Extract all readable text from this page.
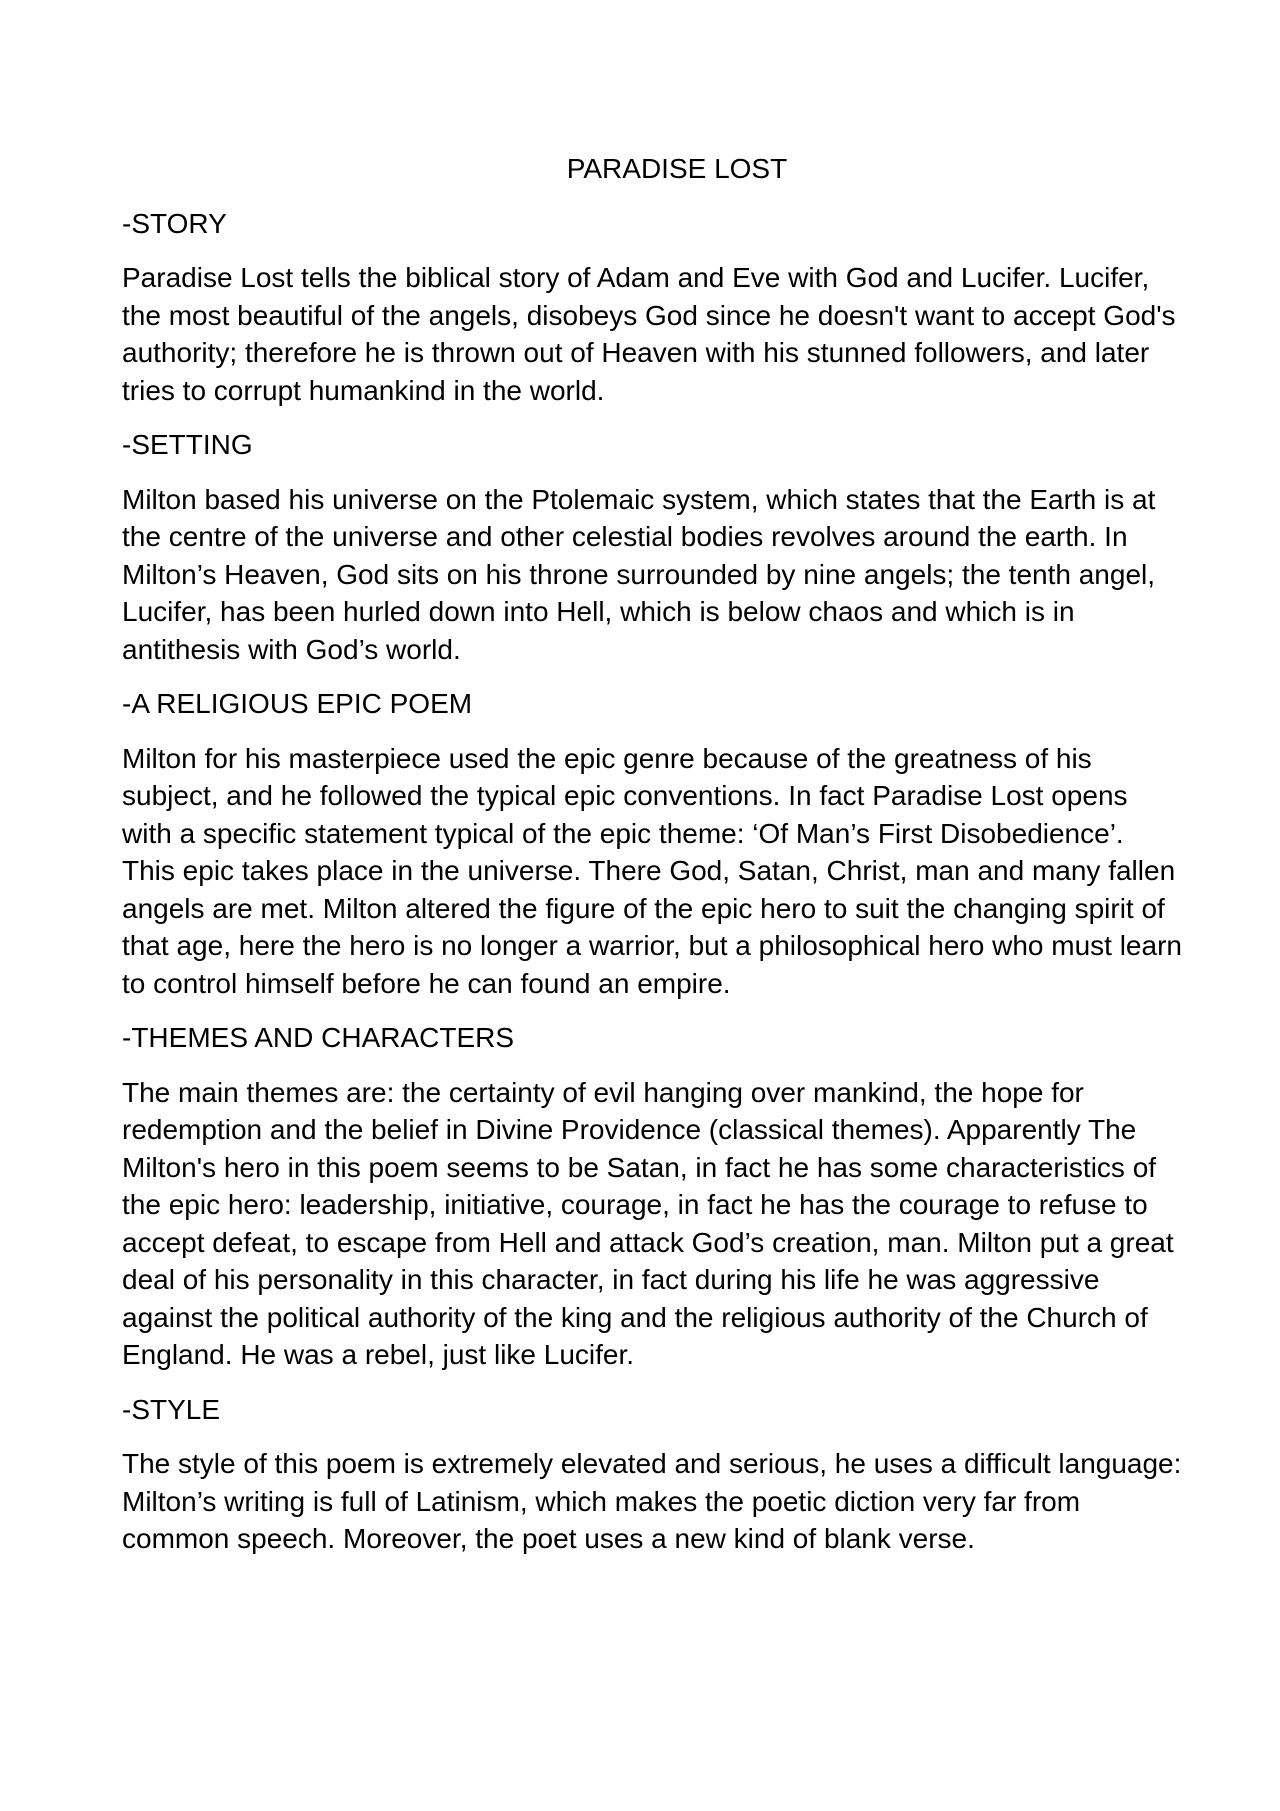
PARADISE LOST
-STORY
Paradise Lost tells the biblical story of Adam and Eve with God and Lucifer. Lucifer, the most beautiful of the angels, disobeys God since he doesn't want to accept God's authority; therefore he is thrown out of Heaven with his stunned followers, and later tries to corrupt humankind in the world.
-SETTING
Milton based his universe on the Ptolemaic system, which states that the Earth is at the centre of the universe and other celestial bodies revolves around the earth. In Milton’s Heaven, God sits on his throne surrounded by nine angels; the tenth angel, Lucifer, has been hurled down into Hell, which is below chaos and which is in antithesis with God’s world.
-A RELIGIOUS EPIC POEM
Milton for his masterpiece used the epic genre because of the greatness of his subject, and he followed the typical epic conventions. In fact Paradise Lost opens with a specific statement typical of the epic theme: ‘Of Man’s First Disobedience’. This epic takes place in the universe. There God, Satan, Christ, man and many fallen angels are met. Milton altered the figure of the epic hero to suit the changing spirit of that age, here the hero is no longer a warrior, but a philosophical hero who must learn to control himself before he can found an empire.
-THEMES AND CHARACTERS
The main themes are: the certainty of evil hanging over mankind, the hope for redemption and the belief in Divine Providence (classical themes). Apparently The Milton's hero in this poem seems to be Satan, in fact he has some characteristics of the epic hero: leadership, initiative, courage, in fact he has the courage to refuse to accept defeat, to escape from Hell and attack God’s creation, man. Milton put a great deal of his personality in this character, in fact during his life he was aggressive against the political authority of the king and the religious authority of the Church of England. He was a rebel, just like Lucifer.
-STYLE
The style of this poem is extremely elevated and serious, he uses a difficult language: Milton’s writing is full of Latinism, which makes the poetic diction very far from common speech. Moreover, the poet uses a new kind of blank verse.
